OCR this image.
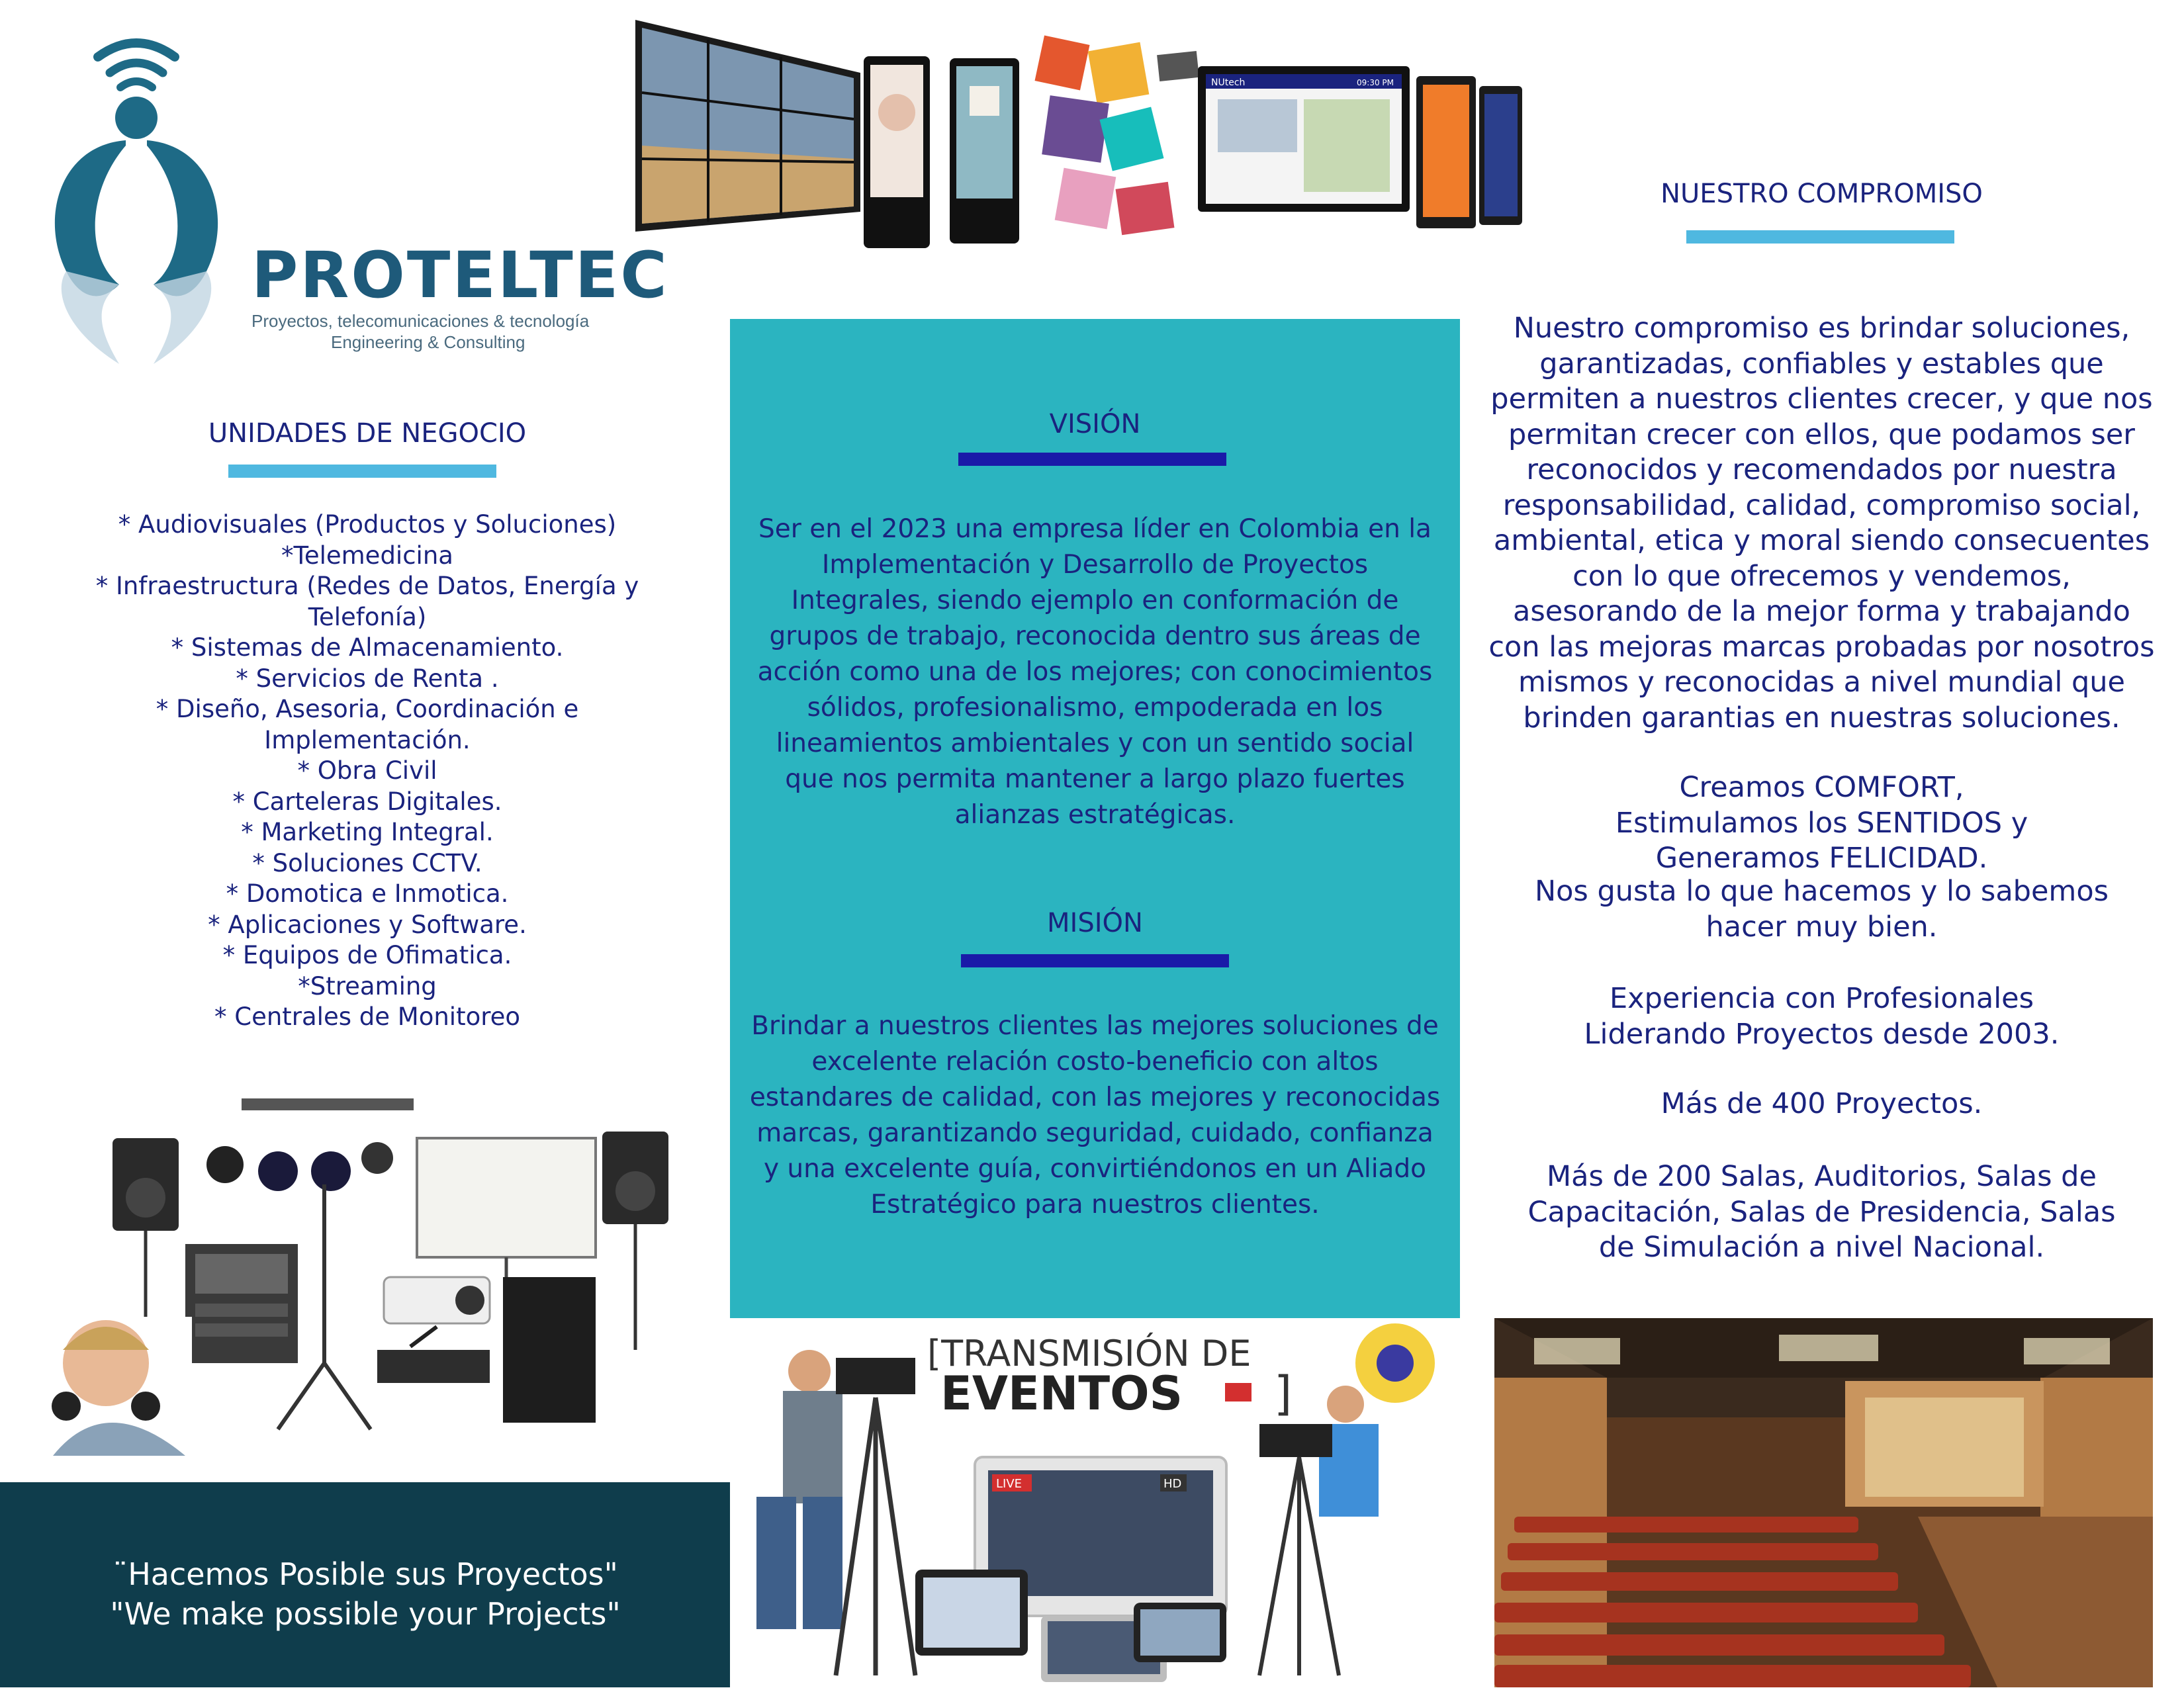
PROTELTEC
Proyectos, telecomunicaciones & tecnología
Engineering & Consulting
UNIDADES DE NEGOCIO
* Audiovisuales (Productos y Soluciones)
*Telemedicina
* Infraestructura (Redes de Datos, Energía y
Telefonía)
* Sistemas de Almacenamiento.
* Servicios de Renta .
* Diseño, Asesoria, Coordinación e
Implementación.
* Obra Civil
* Carteleras Digitales.
* Marketing Integral.
* Soluciones CCTV.
* Domotica e Inmotica.
* Aplicaciones y Software.
* Equipos de Ofimatica.
*Streaming
* Centrales de Monitoreo
¨Hacemos Posible sus Proyectos"
"We make possible your Projects"
NUtech	09:30 PM
VISIÓN
Ser en el 2023 una empresa líder en Colombia en la Implementación y Desarrollo de Proyectos Integrales, siendo ejemplo en conformación de grupos de trabajo, reconocida dentro sus áreas de acción como una de los mejores; con conocimientos sólidos, profesionalismo, empoderada en los lineamientos ambientales y con un sentido social que nos permita mantener a largo plazo fuertes alianzas estratégicas.
MISIÓN
Brindar a nuestros clientes las mejores soluciones de excelente relación costo-beneficio con altos estandares de calidad, con las mejores y reconocidas marcas, garantizando seguridad, cuidado, confianza y una excelente guía, convirtiéndonos en un Aliado Estratégico para nuestros clientes.
[TRANSMISIÓN DE
EVENTOS ]
LIVE	HD
NUESTRO COMPROMISO
Nuestro compromiso es brindar soluciones, garantizadas, confiables y estables que permiten a nuestros clientes crecer, y que nos permitan crecer con ellos, que podamos ser reconocidos y recomendados por nuestra responsabilidad, calidad, compromiso social, ambiental, etica y moral siendo consecuentes con lo que ofrecemos y vendemos, asesorando de la mejor forma y trabajando con las mejoras marcas probadas por nosotros mismos y reconocidas a nivel mundial que brinden garantias en nuestras soluciones.
Creamos COMFORT, Estimulamos los SENTIDOS y Generamos FELICIDAD.
Nos gusta lo que hacemos y lo sabemos hacer muy bien.
Experiencia con Profesionales Liderando Proyectos desde 2003.
Más de 400 Proyectos.
Más de 200 Salas, Auditorios, Salas de Capacitación, Salas de Presidencia, Salas de Simulación a nivel Nacional.
